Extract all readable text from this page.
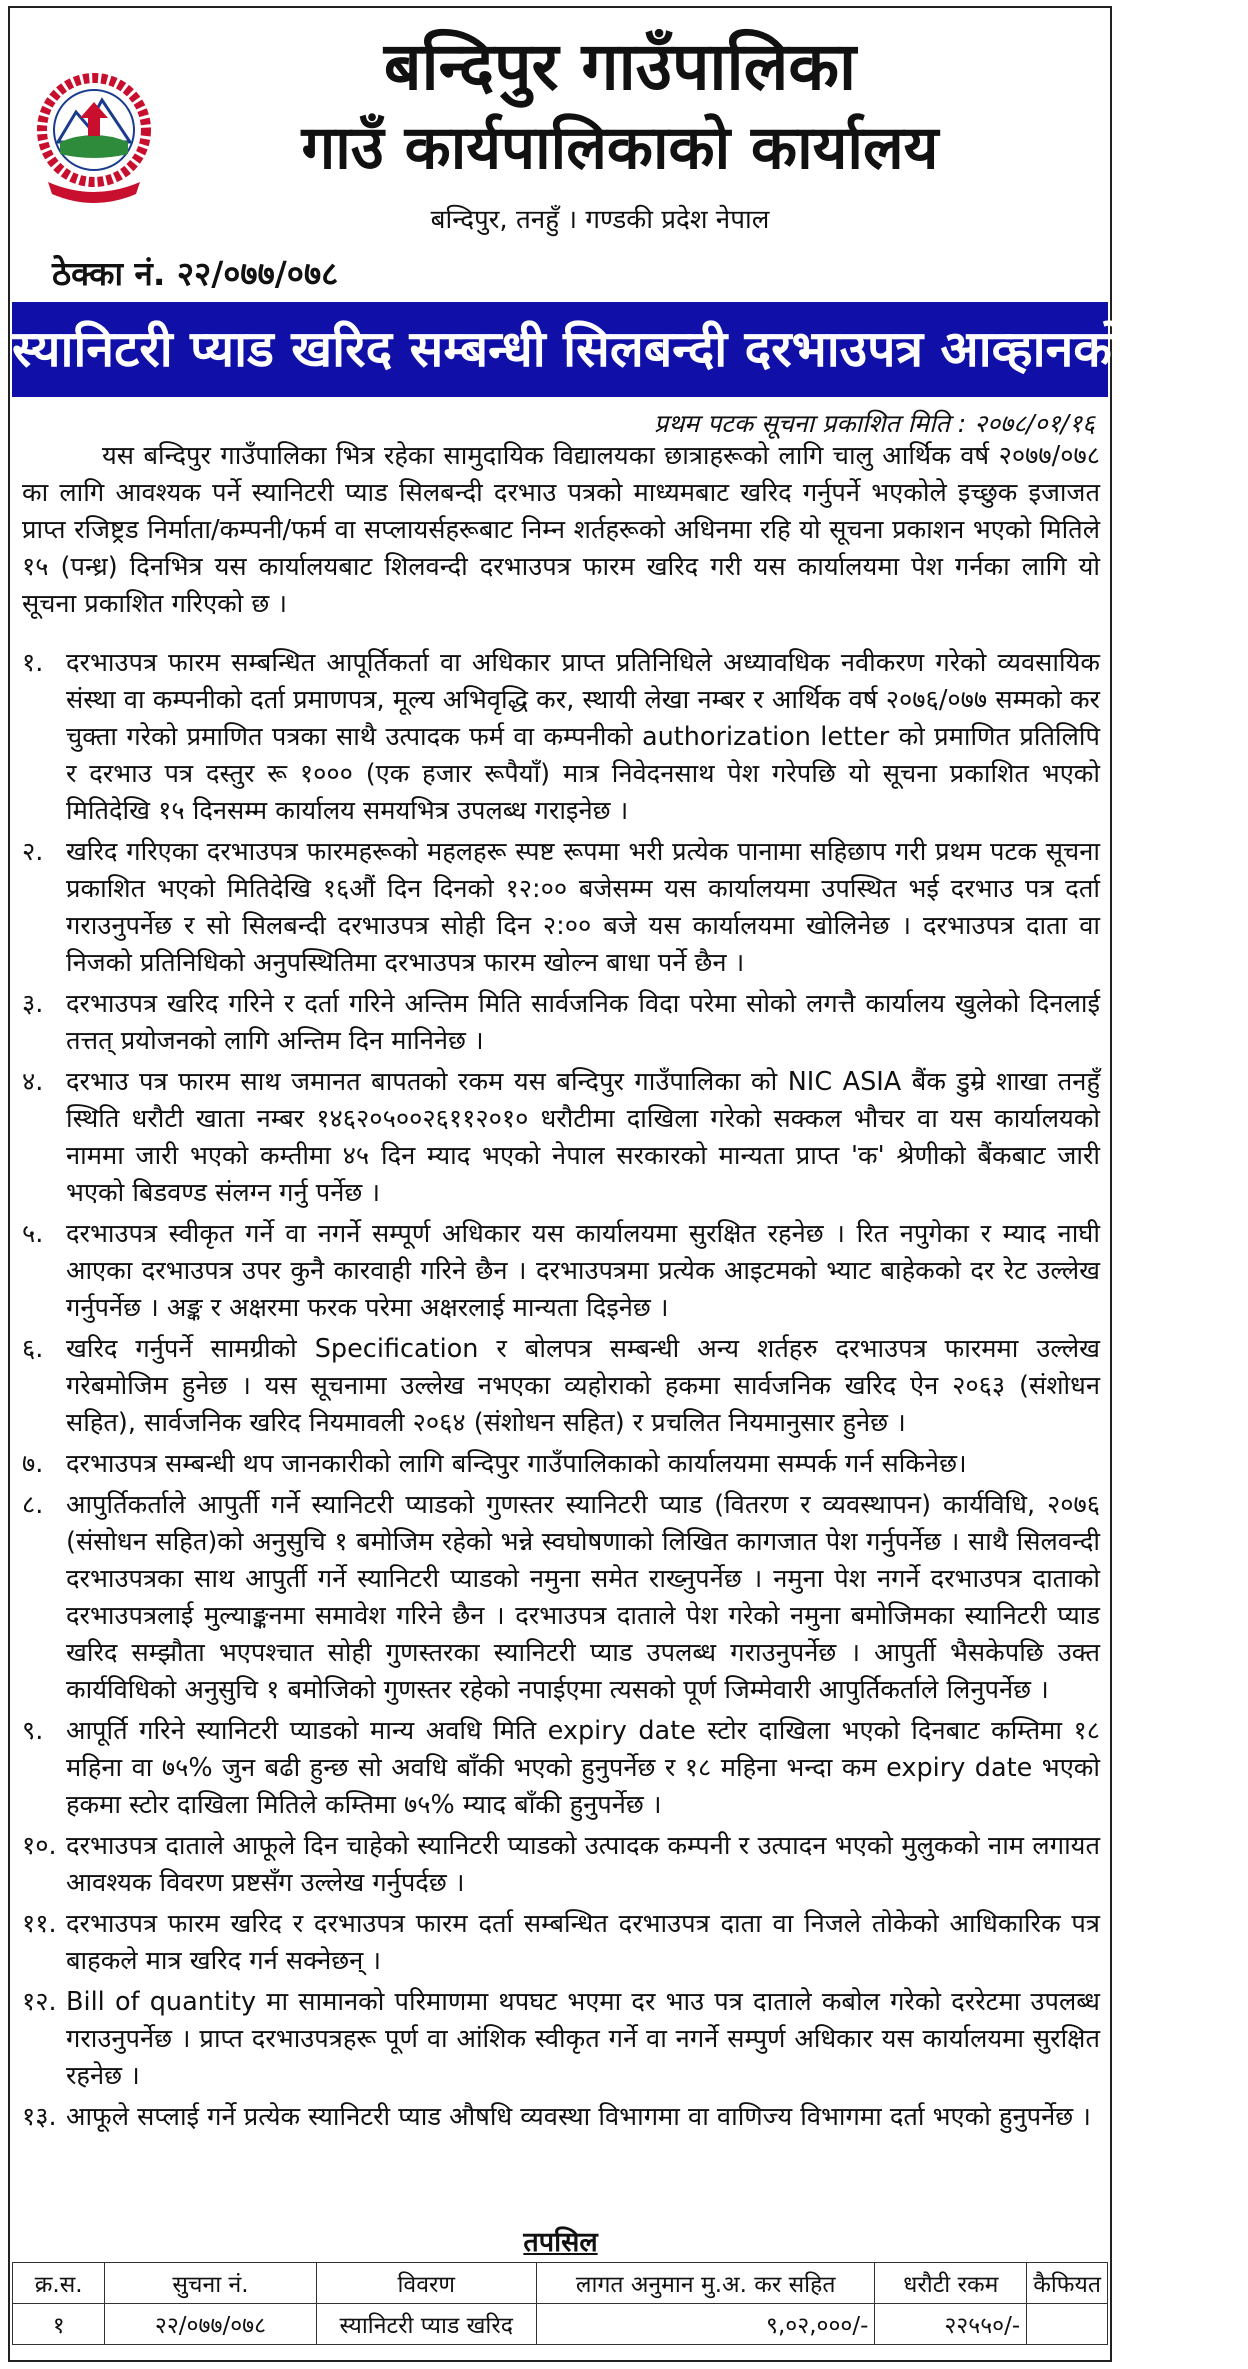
बन्दिपुर गाउँपालिका
गाउँ कार्यपालिकाको कार्यालय
बन्दिपुर, तनहुँ । गण्डकी प्रदेश नेपाल
ठेक्का नं. २२/०७७/०७८
स्यानिटरी प्याड खरिद सम्बन्धी सिलबन्दी दरभाउपत्र आव्हानको सूचना
प्रथम पटक सूचना प्रकाशित मिति : २०७८/०१/१६
यस बन्दिपुर गाउँपालिका भित्र रहेका सामुदायिक विद्यालयका छात्राहरूको लागि चालु आर्थिक वर्ष २०७७/०७८ का लागि आवश्यक पर्ने स्यानिटरी प्याड सिलबन्दी दरभाउ पत्रको माध्यमबाट खरिद गर्नुपर्ने भएकोले इच्छुक इजाजत प्राप्त रजिष्ट्रड निर्माता/कम्पनी/फर्म वा सप्लायर्सहरूबाट निम्न शर्तहरूको अधिनमा रहि यो सूचना प्रकाशन भएको मितिले १५ (पन्ध्र) दिनभित्र यस कार्यालयबाट शिलवन्दी दरभाउपत्र फारम खरिद गरी यस कार्यालयमा पेश गर्नका लागि यो सूचना प्रकाशित गरिएको छ ।
१. दरभाउपत्र फारम सम्बन्धित आपूर्तिकर्ता वा अधिकार प्राप्त प्रतिनिधिले अध्यावधिक नवीकरण गरेको व्यवसायिक संस्था वा कम्पनीको दर्ता प्रमाणपत्र, मूल्य अभिवृद्धि कर, स्थायी लेखा नम्बर र आर्थिक वर्ष २०७६/०७७ सम्मको कर चुक्ता गरेको प्रमाणित पत्रका साथै उत्पादक फर्म वा कम्पनीको authorization letter को प्रमाणित प्रतिलिपि र दरभाउ पत्र दस्तुर रू १००० (एक हजार रूपैयाँ) मात्र निवेदनसाथ पेश गरेपछि यो सूचना प्रकाशित भएको मितिदेखि १५ दिनसम्म कार्यालय समयभित्र उपलब्ध गराइनेछ ।
२. खरिद गरिएका दरभाउपत्र फारमहरूको महलहरू स्पष्ट रूपमा भरी प्रत्येक पानामा सहिछाप गरी प्रथम पटक सूचना प्रकाशित भएको मितिदेखि १६औं दिन दिनको १२:०० बजेसम्म यस कार्यालयमा उपस्थित भई दरभाउ पत्र दर्ता गराउनुपर्नेछ र सो सिलबन्दी दरभाउपत्र सोही दिन २:०० बजे यस कार्यालयमा खोलिनेछ । दरभाउपत्र दाता वा निजको प्रतिनिधिको अनुपस्थितिमा दरभाउपत्र फारम खोल्न बाधा पर्ने छैन ।
३. दरभाउपत्र खरिद गरिने र दर्ता गरिने अन्तिम मिति सार्वजनिक विदा परेमा सोको लगत्तै कार्यालय खुलेको दिनलाई तत्तत् प्रयोजनको लागि अन्तिम दिन मानिनेछ ।
४. दरभाउ पत्र फारम साथ जमानत बापतको रकम यस बन्दिपुर गाउँपालिका को NIC ASIA बैंक डुम्रे शाखा तनहुँ स्थिति धरौटी खाता नम्बर १४६२०५००२६११२०१० धरौटीमा दाखिला गरेको सक्कल भौचर वा यस कार्यालयको नाममा जारी भएको कम्तीमा ४५ दिन म्याद भएको नेपाल सरकारको मान्यता प्राप्त 'क' श्रेणीको बैंकबाट जारी भएको बिडवण्ड संलग्न गर्नु पर्नेछ ।
५. दरभाउपत्र स्वीकृत गर्ने वा नगर्ने सम्पूर्ण अधिकार यस कार्यालयमा सुरक्षित रहनेछ । रित नपुगेका र म्याद नाघी आएका दरभाउपत्र उपर कुनै कारवाही गरिने छैन । दरभाउपत्रमा प्रत्येक आइटमको भ्याट बाहेकको दर रेट उल्लेख गर्नुपर्नेछ । अङ्क र अक्षरमा फरक परेमा अक्षरलाई मान्यता दिइनेछ ।
६. खरिद गर्नुपर्ने सामग्रीको Specification र बोलपत्र सम्बन्धी अन्य शर्तहरु दरभाउपत्र फारममा उल्लेख गरेबमोजिम हुनेछ । यस सूचनामा उल्लेख नभएका व्यहोराको हकमा सार्वजनिक खरिद ऐन २०६३ (संशोधन सहित), सार्वजनिक खरिद नियमावली २०६४ (संशोधन सहित) र प्रचलित नियमानुसार हुनेछ ।
७. दरभाउपत्र सम्बन्धी थप जानकारीको लागि बन्दिपुर गाउँपालिकाको कार्यालयमा सम्पर्क गर्न सकिनेछ।
८. आपुर्तिकर्ताले आपुर्ती गर्ने स्यानिटरी प्याडको गुणस्तर स्यानिटरी प्याड (वितरण र व्यवस्थापन) कार्यविधि, २०७६ (संसोधन सहित)को अनुसुचि १ बमोजिम रहेको भन्ने स्वघोषणाको लिखित कागजात पेश गर्नुपर्नेछ । साथै सिलवन्दी दरभाउपत्रका साथ आपुर्ती गर्ने स्यानिटरी प्याडको नमुना समेत राख्नुपर्नेछ । नमुना पेश नगर्ने दरभाउपत्र दाताको दरभाउपत्रलाई मुल्याङ्कनमा समावेश गरिने छैन । दरभाउपत्र दाताले पेश गरेको नमुना बमोजिमका स्यानिटरी प्याड खरिद सम्झौता भएपश्चात सोही गुणस्तरका स्यानिटरी प्याड उपलब्ध गराउनुपर्नेछ । आपुर्ती भैसकेपछि उक्त कार्यविधिको अनुसुचि १ बमोजिको गुणस्तर रहेको नपाईएमा त्यसको पूर्ण जिम्मेवारी आपुर्तिकर्ताले लिनुपर्नेछ ।
९. आपूर्ति गरिने स्यानिटरी प्याडको मान्य अवधि मिति expiry date स्टोर दाखिला भएको दिनबाट कम्तिमा १८ महिना वा ७५% जुन बढी हुन्छ सो अवधि बाँकी भएको हुनुपर्नेछ र १८ महिना भन्दा कम expiry date भएको हकमा स्टोर दाखिला मितिले कम्तिमा ७५% म्याद बाँकी हुनुपर्नेछ ।
१०. दरभाउपत्र दाताले आफूले दिन चाहेको स्यानिटरी प्याडको उत्पादक कम्पनी र उत्पादन भएको मुलुकको नाम लगायत आवश्यक विवरण प्रष्टसँग उल्लेख गर्नुपर्दछ ।
११. दरभाउपत्र फारम खरिद र दरभाउपत्र फारम दर्ता सम्बन्धित दरभाउपत्र दाता वा निजले तोकेको आधिकारिक पत्र बाहकले मात्र खरिद गर्न सक्नेछन् ।
१२. Bill of quantity मा सामानको परिमाणमा थपघट भएमा दर भाउ पत्र दाताले कबोल गरेको दररेटमा उपलब्ध गराउनुपर्नेछ । प्राप्त दरभाउपत्रहरू पूर्ण वा आंशिक स्वीकृत गर्ने वा नगर्ने सम्पुर्ण अधिकार यस कार्यालयमा सुरक्षित रहनेछ ।
१३. आफूले सप्लाई गर्ने प्रत्येक स्यानिटरी प्याड औषधि व्यवस्था विभागमा वा वाणिज्य विभागमा दर्ता भएको हुनुपर्नेछ ।
तपसिल
क्र.स.	सुचना नं.	विवरण	लागत अनुमान मु.अ. कर सहित	धरौटी रकम	कैफियत
१	२२/०७७/०७८	स्यानिटरी प्याड खरिद	९,०२,०००/-	२२५५०/-	
